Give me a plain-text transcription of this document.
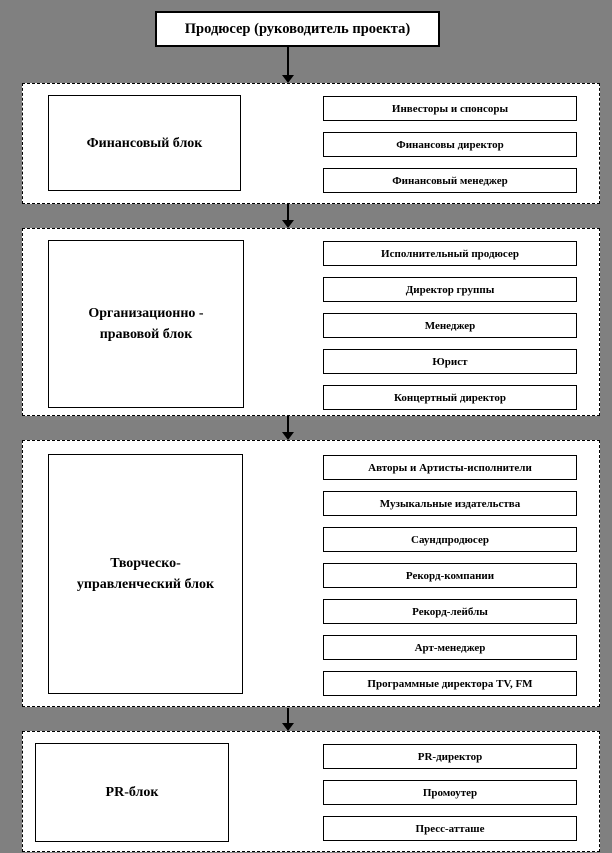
Продюсер (руководитель проекта)
Финансовый блок
Инвесторы и спонсоры
Финансовы директор
Финансовый менеджер
Организационно - правовой блок
Исполнительный продюсер
Директор группы
Менеджер
Юрист
Концертный директор
Творческо-управленческий блок
Авторы и Артисты-исполнители
Музыкальные издательства
Саундпродюсер
Рекорд-компании
Рекорд-лейблы
Арт-менеджер
Программные директора TV, FM
PR-блок
PR-директор
Промоутер
Пресс-атташе
